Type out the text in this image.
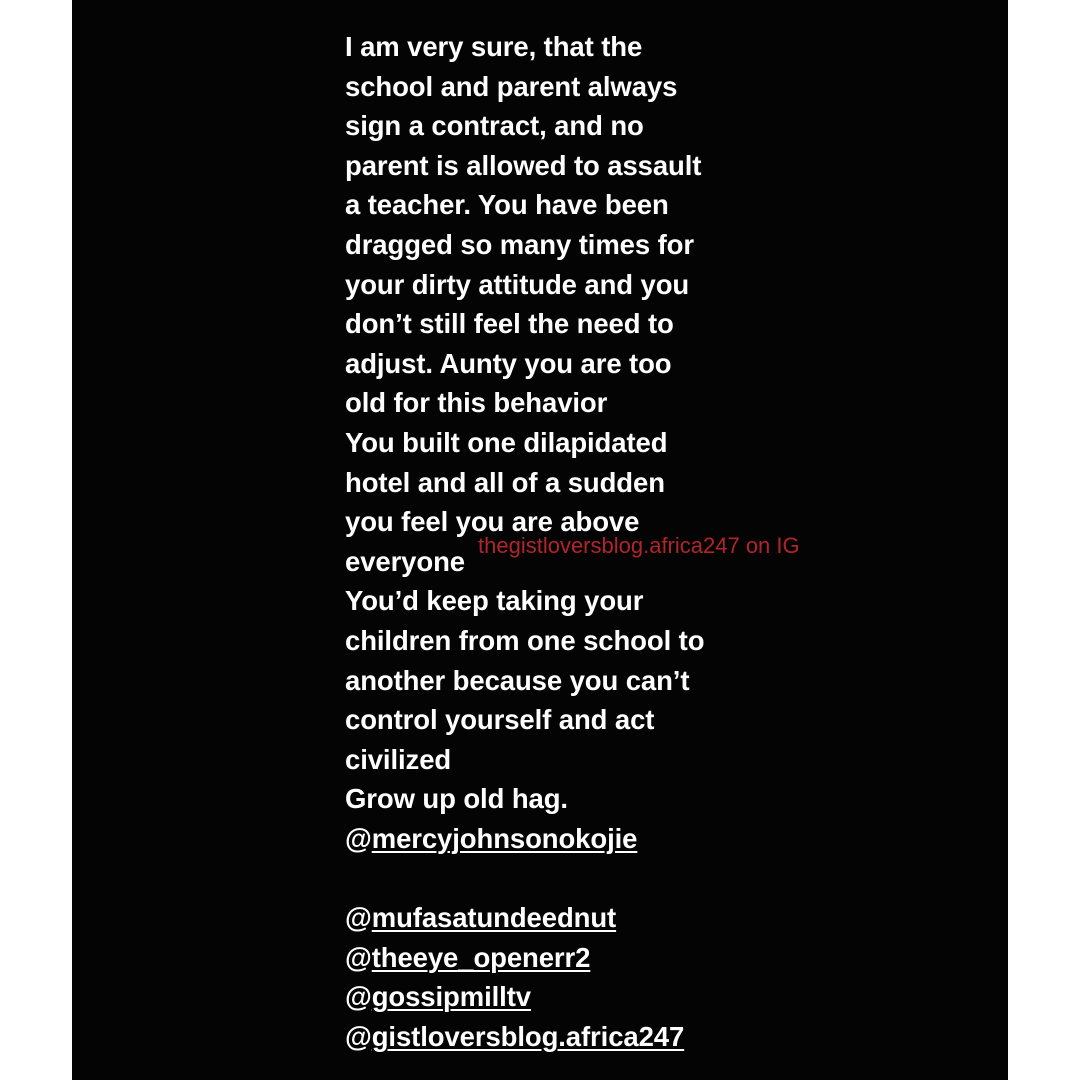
I am very sure, that the
school and parent always
sign a contract, and no
parent is allowed to assault
a teacher. You have been
dragged so many times for
your dirty attitude and you
don’t still feel the need to
adjust. Aunty you are too
old for this behavior
You built one dilapidated
hotel and all of a sudden
you feel you are above
everyone
You’d keep taking your
children from one school to
another because you can’t
control yourself and act
civilized
Grow up old hag.
@mercyjohnsonokojie
@mufasatundeednut
@theeye_openerr2
@gossipmilltv
@gistloversblog.africa247
thegistloversblog.africa247 on IG
